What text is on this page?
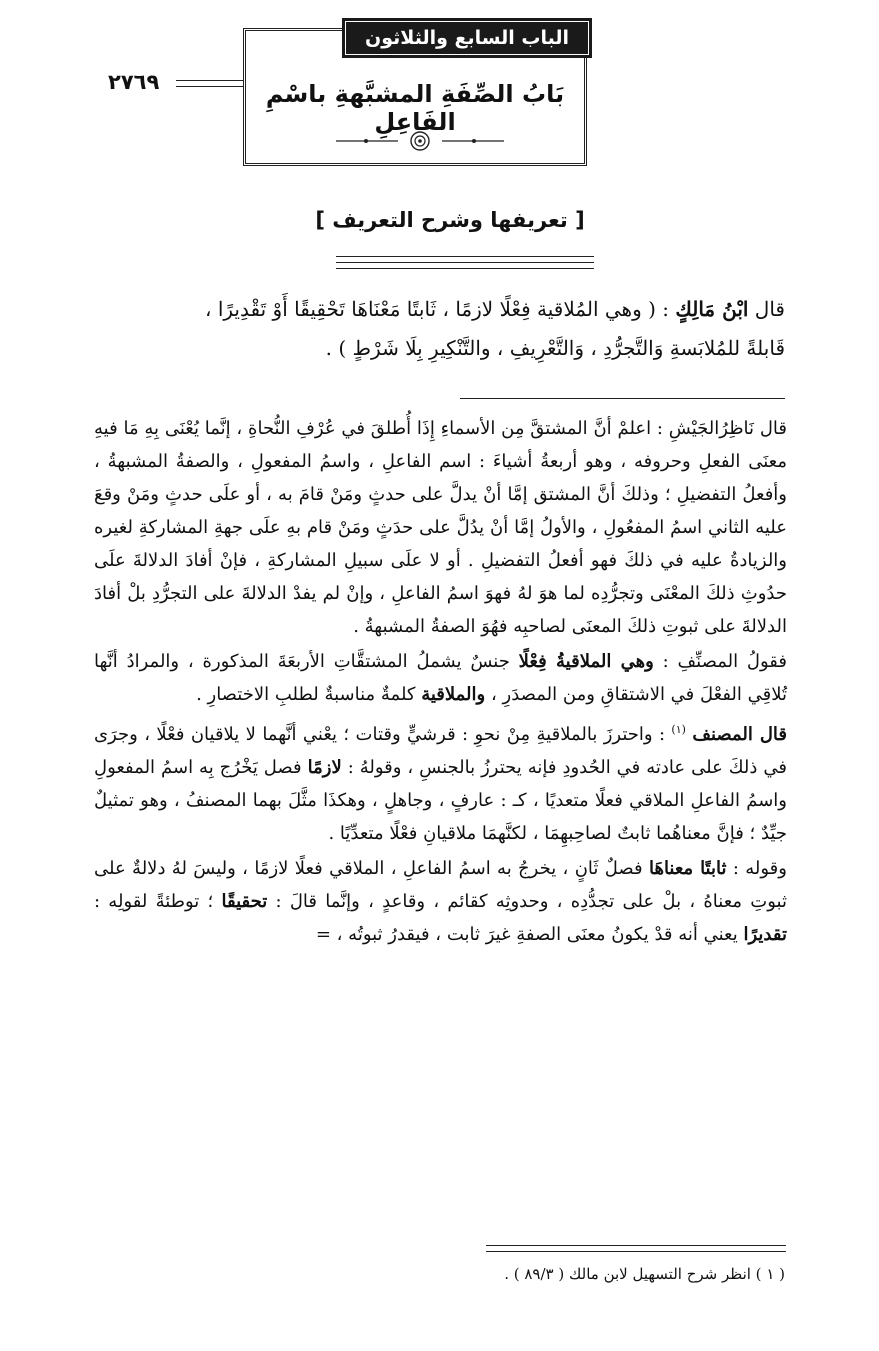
الباب السابع والثلاثون
بَابُ الصِّفَةِ المشبَّهةِ باسْمِ الفَاعِلِ
٢٧٦٩
[ تعريفها وشرح التعريف ]
قال ابْنُ مَالِكٍ : ( وهي المُلاقية فِعْلًا لازمًا ، ثَابتًا مَعْنَاهَا تَحْقِيقًا أَوْ تَقْدِيرًا ،
قَابلةً للمُلابَسةِ وَالتَّجرُّدِ ، وَالتَّعْرِيفِ ، والتَّنْكِيرِ بِلَا شَرْطٍ ) .

قال نَاظِرُالجَيْشِ : اعلمْ أنَّ المشتقَّ مِن الأسماءِ إِذَا أُطلقَ في عُرْفِ النُّحاةِ ، إنَّما يُعْنَى بِهِ مَا فيهِ معنَى الفعلِ وحروفه ، وهو أربعةُ أشياءَ : اسم الفاعلِ ، واسمُ المفعولِ ، والصفةُ المشبهةُ ، وأفعلُ التفضيلِ ؛ وذلكَ أنَّ المشتق إمَّا أنْ يدلَّ على حدثٍ ومَنْ قامَ به ، أو علَى حدثٍ ومَنْ وقعَ عليه الثاني اسمُ المفعُولِ ، والأولُ إمَّا أنْ يدُلَّ على حدَثٍ ومَنْ قام بهِ علَى جهةِ المشاركةِ لغيره والزيادةُ عليه في ذلكَ فهو أفعلُ التفضيلِ . أو لا علَى سبيلِ المشاركةِ ، فإنْ أفادَ الدلالةَ علَى حدُوثِ ذلكَ المعْنَى وتجرُّدِه لما هوَ لهُ فهوَ اسمُ الفاعلِ ، وإنْ لم يفدْ الدلالةَ على التجرُّدِ بلْ أفادَ الدلالةَ على ثبوتِ ذلكَ المعنَى لصاحبِه فهُوَ الصفةُ المشبهةُ .

فقولُ المصنِّفِ : وهي الملاقيةُ فِعْلًا جنسٌ يشملُ المشتقَّاتِ الأربعَةَ المذكورة ، والمرادُ أنَّها تُلاقِي الفعْلَ في الاشتقاقِ ومن المصدَرِ ، والملاقية كلمةٌ مناسبةٌ لطلبِ الاختصارِ .

قال المصنف $^{(١)}$ : واحترزَ بالملاقيةِ مِنْ نحوِ : قرشيٍّ وقتات ؛ يعْني أنَّهما لا يلاقيان فعْلًا ، وجرَى في ذلكَ على عادته في الحُدودِ فإنه يحترزُ بالجنسِ ، وقولهُ : لازمًا فصل يَخْرُج بِه اسمُ المفعولِ واسمُ الفاعلِ الملاقي فعلًا متعديًا ، كـ : عارفٍ ، وجاهلٍ ، وهكذَا مثَّلَ بهما المصنفُ ، وهو تمثيلٌ جيِّدٌ ؛ فإنَّ معناهُما ثابتٌ لصاحِبهِمَا ، لكنَّهمَا ملاقيانِ فعْلًا متعدِّيًا .

وقوله : ثابتًا معناهَا فصلٌ ثَانٍ ، يخرجُ به اسمُ الفاعلِ ، الملاقي فعلًا لازمًا ، وليسَ لهُ دلالةٌ على ثبوتِ معناهُ ، بلْ على تجدُّدِه ، وحدوثِه كقائم ، وقاعدٍ ، وإنَّما قالَ : تحقيقًا ؛ توطئةً لقولِه : تقديرًا يعني أنه قدْ يكونُ معنَى الصفةِ غيرَ ثابت ، فيقدرُ ثبوتُه ، =

( ١ ) انظر شرح التسهيل لابن مالك ( ٨٩/٣ ) .
